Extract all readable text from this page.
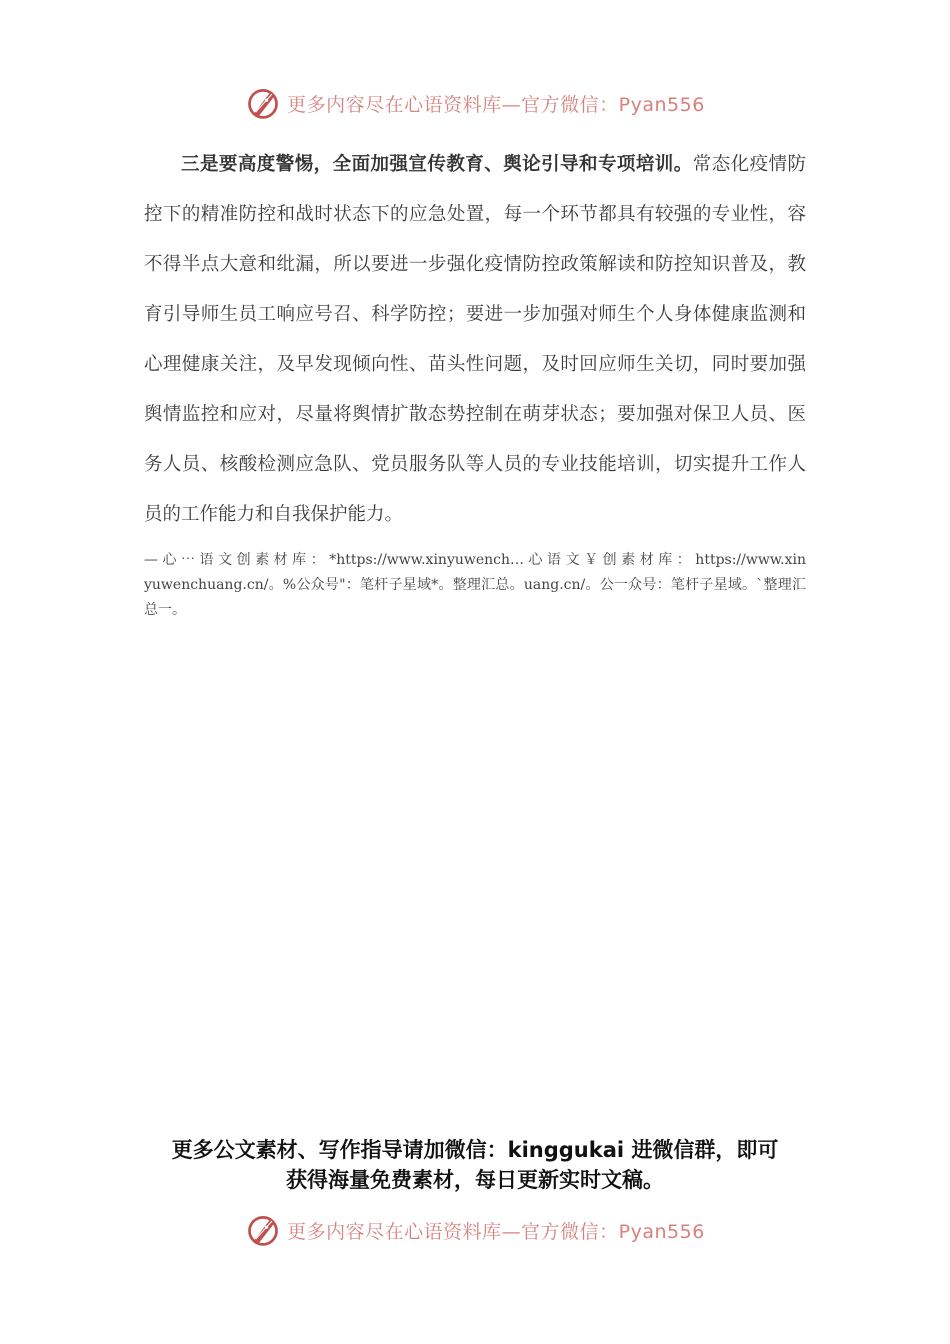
更多内容尽在心语资料库—官方微信：Pyan556

三是要高度警惕，全面加强宣传教育、舆论引导和专项培训。常态化疫情防控下的精准防控和战时状态下的应急处置，每一个环节都具有较强的专业性，容不得半点大意和纰漏，所以要进一步强化疫情防控政策解读和防控知识普及，教育引导师生员工响应号召、科学防控；要进一步加强对师生个人身体健康监测和心理健康关注，及早发现倾向性、苗头性问题，及时回应师生关切，同时要加强舆情监控和应对，尽量将舆情扩散态势控制在萌芽状态；要加强对保卫人员、医务人员、核酸检测应急队、党员服务队等人员的专业技能培训，切实提升工作人员的工作能力和自我保护能力。

— 心 ⋯ 语 文 创 素 材 库 ： *https://www.xinyuwench… 心 语 文 ￥ 创 素 材 库 ： https://www.xinyuwenchuang.cn/。%公众号"：笔杆子星域*。整理汇总。uang.cn/。公一众号：笔杆子星域。`整理汇总一。
更多公文素材、写作指导请加微信：kinggukai 进微信群，即可
获得海量免费素材，每日更新实时文稿。
更多内容尽在心语资料库—官方微信：Pyan556
